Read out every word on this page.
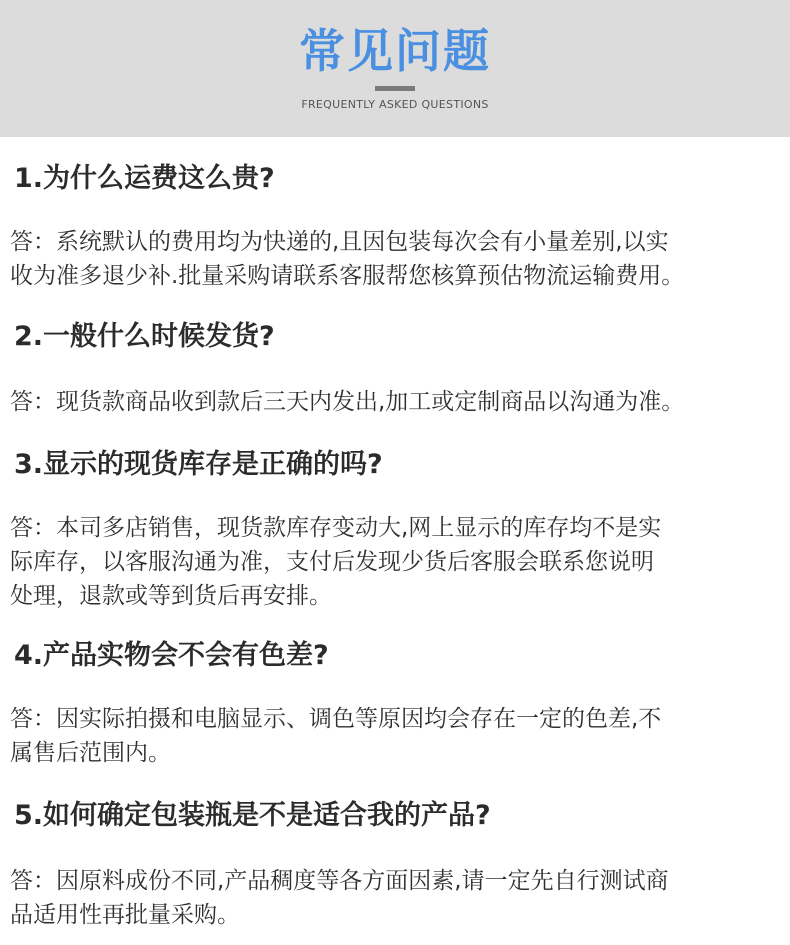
常见问题
FREQUENTLY ASKED QUESTIONS
1.为什么运费这么贵?
答：系统默认的费用均为快递的,且因包装每次会有小量差别,以实
收为准多退少补.批量采购请联系客服帮您核算预估物流运输费用。
2.一般什么时候发货?
答：现货款商品收到款后三天内发出,加工或定制商品以沟通为准。
3.显示的现货库存是正确的吗?
答：本司多店销售，现货款库存变动大,网上显示的库存均不是实
际库存，以客服沟通为准，支付后发现少货后客服会联系您说明
处理，退款或等到货后再安排。
4.产品实物会不会有色差?
答：因实际拍摄和电脑显示、调色等原因均会存在一定的色差,不
属售后范围内。
5.如何确定包装瓶是不是适合我的产品?
答：因原料成份不同,产品稠度等各方面因素,请一定先自行测试商
品适用性再批量采购。
